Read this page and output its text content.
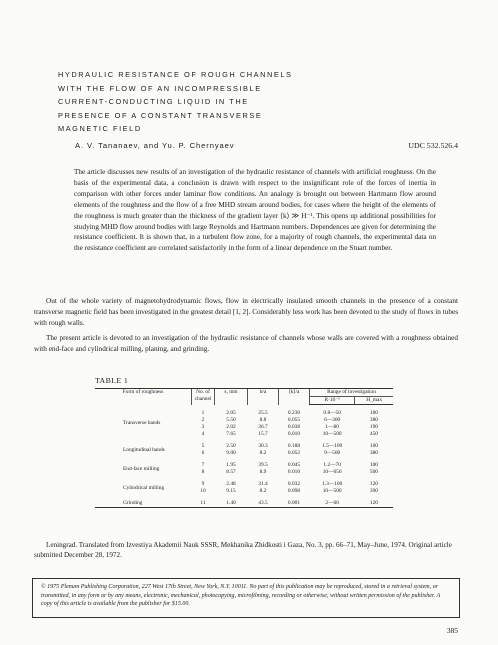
HYDRAULIC RESISTANCE OF ROUGH CHANNELS
WITH THE FLOW OF AN INCOMPRESSIBLE
CURRENT-CONDUCTING LIQUID IN THE
PRESENCE OF A CONSTANT TRANSVERSE
MAGNETIC FIELD
A. V. Tananaev, and Yu. P. Chernyaev	UDC 532.526.4

The article discusses new results of an investigation of the hydraulic resistance of channels with artificial roughness. On the basis of the experimental data, a conclusion is drawn with respect to the insignificant role of the forces of inertia in comparison with other forces under laminar flow conditions. An analogy is brought out between Hartmann flow around elements of the roughness and the flow of a free MHD stream around bodies, for cases where the height of the elements of the roughness is much greater than the thickness of the gradient layer ⟨k⟩ ≫ H⁻¹. This opens up additional possibilities for studying MHD flow around bodies with large Reynolds and Hartmann numbers. Dependences are given for determining the resistance coefficient. It is shown that, in a turbulent flow zone, for a majority of rough channels, the experimental data on the resistance coefficient are correlated satisfactorily in the form of a linear dependence on the Stuart number.

Out of the whole variety of magnetohydrodynamic flows, flow in electrically insulated smooth channels in the presence of a constant transverse magnetic field has been investigated in the greatest detail [1, 2]. Considerably less work has been devoted to the study of flows in tubes with rough walls.

The present article is devoted to an investigation of the hydraulic resistance of channels whose walls are covered with a roughness obtained with end-face and cylindrical milling, planing, and grinding.

TABLE 1
Form of roughness	No. of channel	s, mm	b/a	⟨k⟩/a	Range of investigation	
					R·10⁻³	H_max
Transverse bands	1	2.05	25.5	0.230	0.8—50	100
	2	5.50	8.8	0.055	6—300	380
	3	2.02	36.7	0.038	1—80	190
	4	7.65	15.7	0.010	10—500	450
Longitudinal bands	5	2.50	30.3	0.188	1.5—100	100
	6	9.00	8.2	0.052	9—500	380
End-face milling	7	1.95	39.5	0.045	1.2—70	100
	8	8.57	8.9	0.010	10—650	500
Cylindrical milling	9	2.48	31.4	0.032	1.3—100	120
	10	9.15	8.2	0.098	10—500	390
Grinding	11	1.40	43.5	0.001	2—60	120

Leningrad. Translated from Izvestiya Akademii Nauk SSSR, Mekhanika Zhidkosti i Gaza, No. 3, pp. 66–71, May–June, 1974. Original article submitted December 28, 1972.

© 1975 Plenum Publishing Corporation, 227 West 17th Street, New York, N.Y. 10011. No part of this publication may be reproduced, stored in a retrieval system, or transmitted, in any form or by any means, electronic, mechanical, photocopying, microfilming, recording or otherwise, without written permission of the publisher. A copy of this article is available from the publisher for $15.00.
385
